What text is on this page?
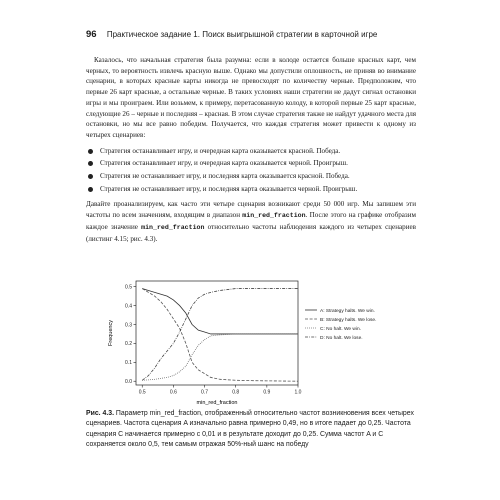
96 Практическое задание 1. Поиск выигрышной стратегии в карточной игре

Казалось, что начальная стратегия была разумна: если в колоде остается больше красных карт, чем черных, то вероятность извлечь красную выше. Однако мы допустили оплошность, не приняв во внимание сценарии, в которых красные карты никогда не превосходят по количеству черные. Предположим, что первые 26 карт красные, а остальные черные. В таких условиях наши стратегии не дадут сигнал остановки игры и мы проиграем. Или возьмем, к примеру, перетасованную колоду, в которой первые 25 карт красные, следующие 26 – черные и последняя – красная. В этом случае стратегия также не найдут удачного места для остановки, но мы все равно победим. Получается, что каждая стратегия может привести к одному из четырех сценариев:

Стратегия останавливает игру, и очередная карта оказывается красной. Победа.
Стратегия останавливает игру, и очередная карта оказывается черной. Проигрыш.
Стратегия не останавливает игру, и последняя карта оказывается красной. Победа.
Стратегия не останавливает игру, и последняя карта оказывается черной. Проигрыш.

Давайте проанализируем, как часто эти четыре сценария возникают среди 50 000 игр. Мы запишем эти частоты по всем значениям, входящим в диапазон min_red_fraction. После этого на графике отобразим каждое значение min_red_fraction относительно частоты наблюдения каждого из четырех сценариев (листинг 4.15; рис. 4.3).

0.5	0.6	0.7	0.8	0.9	1.0
0.0
0.1
0.2
0.3
0.4
0.5
min_red_fraction
Frequency
A: Strategy halts. We win.
B: Strategy halts. We lose.
C: No halt. We win.
D: No halt. We lose.
Рис. 4.3. Параметр min_red_fraction, отображенный относительно частот возникновения всех четырех сценариев. Частота сценария A изначально равна примерно 0,49, но в итоге падает до 0,25. Частота сценария C начинается примерно с 0,01 и в результате доходит до 0,25. Сумма частот A и C сохраняется около 0,5, тем самым отражая 50%-ный шанс на победу
